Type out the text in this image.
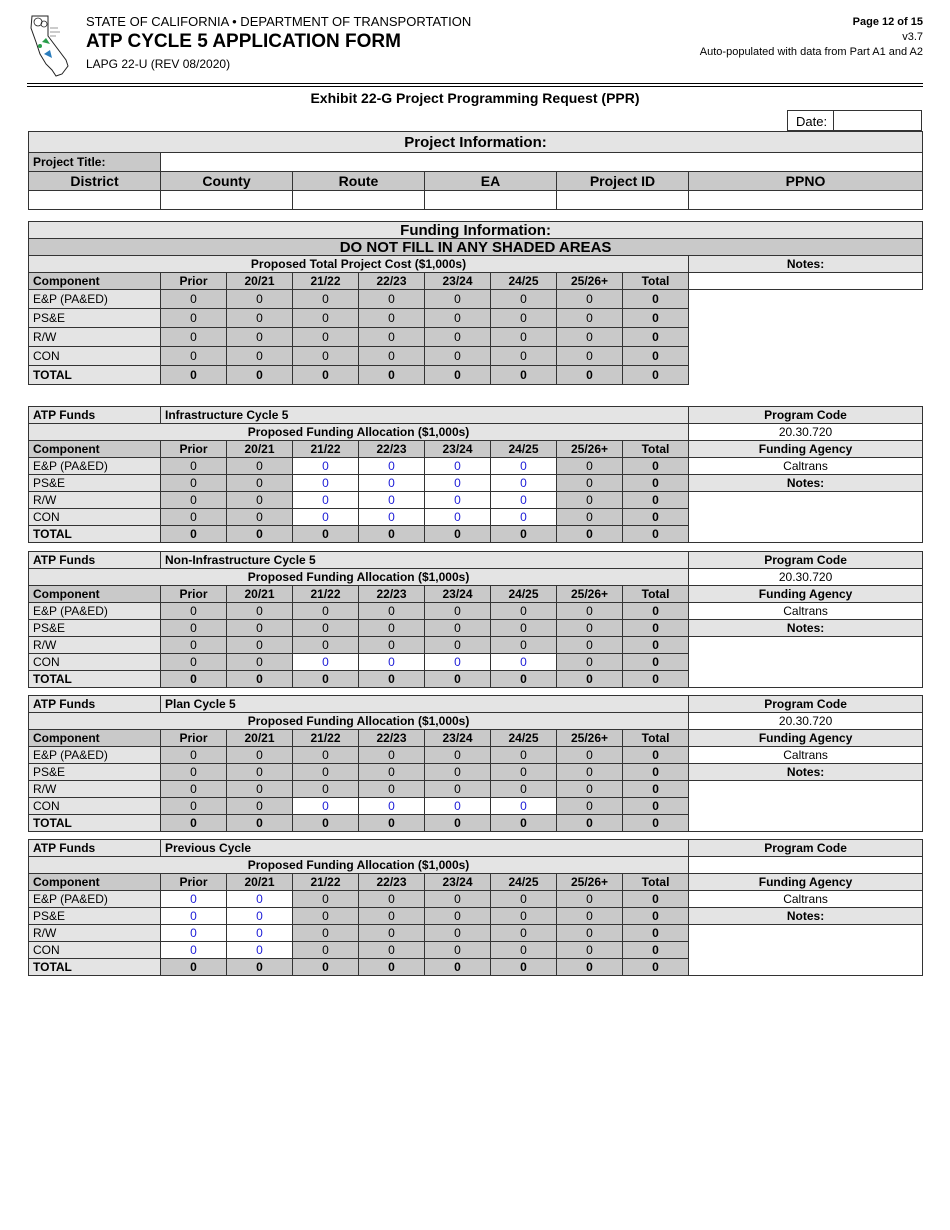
STATE OF CALIFORNIA • DEPARTMENT OF TRANSPORTATION
ATP CYCLE 5 APPLICATION FORM
LAPG 22-U (REV 08/2020)
Page 12 of 15
v3.7
Auto-populated with data from Part A1 and A2
Exhibit 22-G Project Programming Request (PPR)
Date:
Project Information:					
Project Title:					
District	County	Route	EA	Project ID	PPNO

Funding Information:									
DO NOT FILL IN ANY SHADED AREAS									
Proposed Total Project Cost ($1,000s)									Notes:
Component	Prior	20/21	21/22	22/23	23/24	24/25	25/26+	Total	
E&P (PA&ED)	0	0	0	0	0	0	0	0	
PS&E	0	0	0	0	0	0	0	0	
R/W	0	0	0	0	0	0	0	0	
CON	0	0	0	0	0	0	0	0	
TOTAL	0	0	0	0	0	0	0	0	
ATP Funds	Infrastructure Cycle 5								Program Code
Proposed Funding Allocation ($1,000s)									20.30.720
Component	Prior	20/21	21/22	22/23	23/24	24/25	25/26+	Total	Funding Agency
E&P (PA&ED)	0	0	0	0	0	0	0	0	Caltrans
PS&E	0	0	0	0	0	0	0	0	Notes:
R/W	0	0	0	0	0	0	0	0	
CON	0	0	0	0	0	0	0	0	
TOTAL	0	0	0	0	0	0	0	0	
ATP Funds	Non-Infrastructure Cycle 5								Program Code
Proposed Funding Allocation ($1,000s)									20.30.720
Component	Prior	20/21	21/22	22/23	23/24	24/25	25/26+	Total	Funding Agency
E&P (PA&ED)	0	0	0	0	0	0	0	0	Caltrans
PS&E	0	0	0	0	0	0	0	0	Notes:
R/W	0	0	0	0	0	0	0	0	
CON	0	0	0	0	0	0	0	0	
TOTAL	0	0	0	0	0	0	0	0	
ATP Funds	Plan Cycle 5								Program Code
Proposed Funding Allocation ($1,000s)									20.30.720
Component	Prior	20/21	21/22	22/23	23/24	24/25	25/26+	Total	Funding Agency
E&P (PA&ED)	0	0	0	0	0	0	0	0	Caltrans
PS&E	0	0	0	0	0	0	0	0	Notes:
R/W	0	0	0	0	0	0	0	0	
CON	0	0	0	0	0	0	0	0	
TOTAL	0	0	0	0	0	0	0	0	
ATP Funds	Previous Cycle								Program Code
Proposed Funding Allocation ($1,000s)									
Component	Prior	20/21	21/22	22/23	23/24	24/25	25/26+	Total	Funding Agency
E&P (PA&ED)	0	0	0	0	0	0	0	0	Caltrans
PS&E	0	0	0	0	0	0	0	0	Notes:
R/W	0	0	0	0	0	0	0	0	
CON	0	0	0	0	0	0	0	0	
TOTAL	0	0	0	0	0	0	0	0	
